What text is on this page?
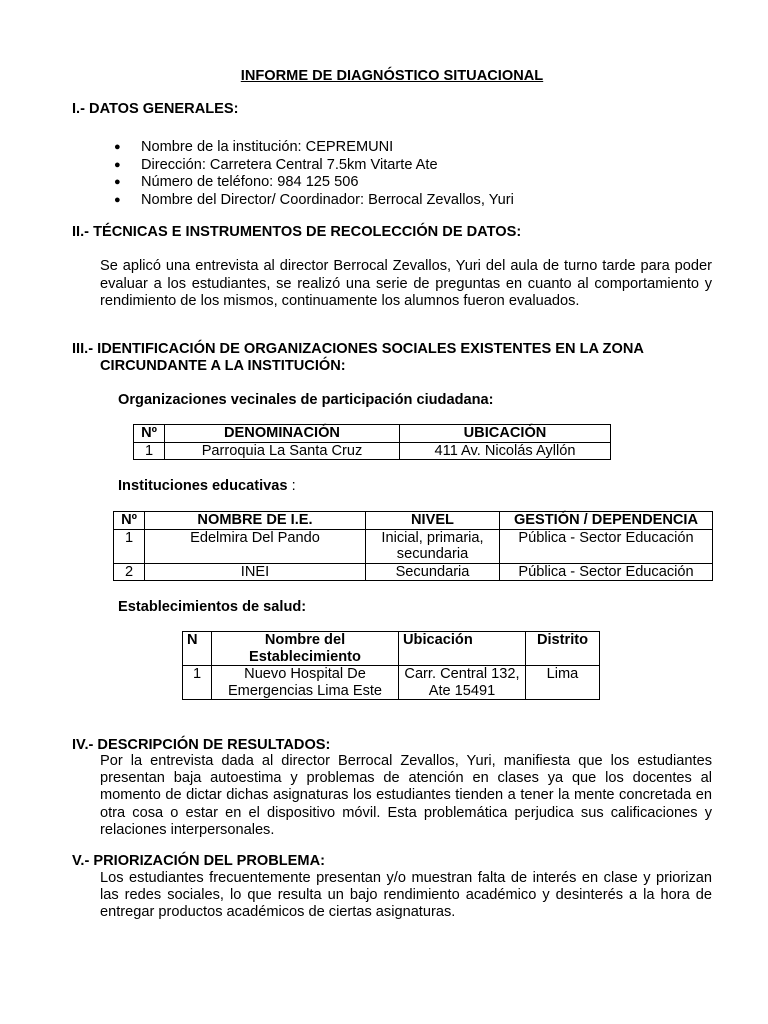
INFORME DE DIAGNÓSTICO SITUACIONAL
I.- DATOS GENERALES:
● Nombre de la institución: CEPREMUNI
● Dirección: Carretera Central 7.5km Vitarte Ate
● Número de teléfono: 984 125 506
● Nombre del Director/ Coordinador: Berrocal Zevallos, Yuri
II.- TÉCNICAS E INSTRUMENTOS DE RECOLECCIÓN DE DATOS:
Se aplicó una entrevista al director Berrocal Zevallos, Yuri del aula de turno tarde para poder evaluar a los estudiantes, se realizó una serie de preguntas en cuanto al comportamiento y rendimiento de los mismos, continuamente los alumnos fueron evaluados.
III.- IDENTIFICACIÓN DE ORGANIZACIONES SOCIALES EXISTENTES EN LA ZONA
CIRCUNDANTE A LA INSTITUCIÓN:
Organizaciones vecinales de participación ciudadana:
Nº	DENOMINACIÓN	UBICACIÓN
1	Parroquia La Santa Cruz	411 Av. Nicolás Ayllón
Instituciones educativas :
Nº	NOMBRE DE I.E.	NIVEL	GESTIÓN / DEPENDENCIA
1	Edelmira Del Pando	Inicial, primaria, secundaria	Pública - Sector Educación
2	INEI	Secundaria	Pública - Sector Educación
Establecimientos de salud:
N	Nombre del Establecimiento	Ubicación	Distrito
1	Nuevo Hospital De Emergencias Lima Este	Carr. Central 132, Ate 15491	Lima
IV.- DESCRIPCIÓN DE RESULTADOS:
Por la entrevista dada al director Berrocal Zevallos, Yuri, manifiesta que los estudiantes presentan baja autoestima y problemas de atención en clases ya que los docentes al momento de dictar dichas asignaturas los estudiantes tienden a tener la mente concretada en otra cosa o estar en el dispositivo móvil. Esta problemática perjudica sus calificaciones y relaciones interpersonales.
V.- PRIORIZACIÓN DEL PROBLEMA:
Los estudiantes frecuentemente presentan y/o muestran falta de interés en clase y priorizan las redes sociales, lo que resulta un bajo rendimiento académico y desinterés a la hora de entregar productos académicos de ciertas asignaturas.
